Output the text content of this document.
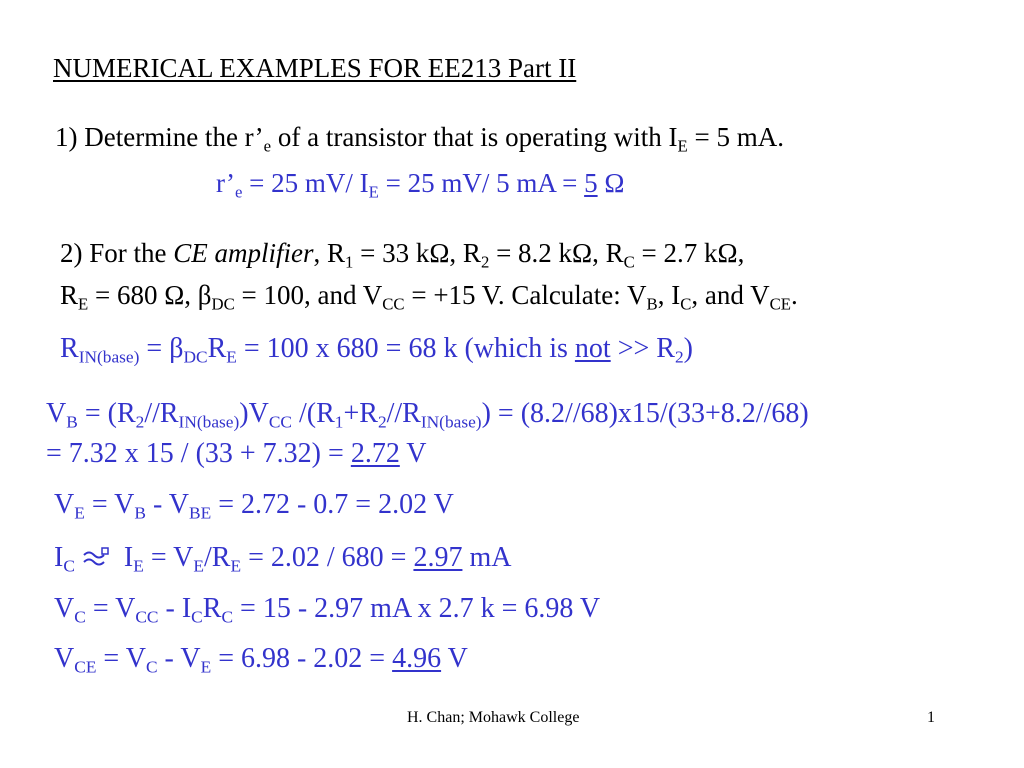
NUMERICAL EXAMPLES FOR EE213 Part II
1) Determine the $r’_e$ of a transistor that is operating with $I_E = 5$ mA.
$r’_e = 25$ mV/ $I_E = 25$ mV/ 5 mA = 5 Ω
2) For the CE amplifier, $R_1 = 33$ kΩ, $R_2 = 8.2$ kΩ, $R_C = 2.7$ kΩ,
$R_E = 680$ Ω, $\beta_{DC} = 100$, and $V_{CC} = +15$ V. Calculate: $V_B$, $I_C$, and $V_{CE}$.
$R_{IN(base)} = \beta_{DC}R_E = 100$ x 680 = 68 k (which is not >> $R_2$)
$V_B = (R_2//R_{IN(base)})V_{CC}$ $/(R_1+R_2//R_{IN(base)}) = (8.2//68)x15/(33+8.2//68)$
= 7.32 x 15 / (33 + 7.32) = 2.72 V
$V_E = V_B - V_{BE} = 2.72 - 0.7 = 2.02$ V
$I_C$ $I_E = V_E/R_E = 2.02 / 680 = 2.97$ mA
$V_C = V_{CC} - I_CR_C = 15 - 2.97$ mA x 2.7 k = 6.98 V
$V_{CE} = V_C - V_E = 6.98 - 2.02 = 4.96$ V
H. Chan; Mohawk College	1
